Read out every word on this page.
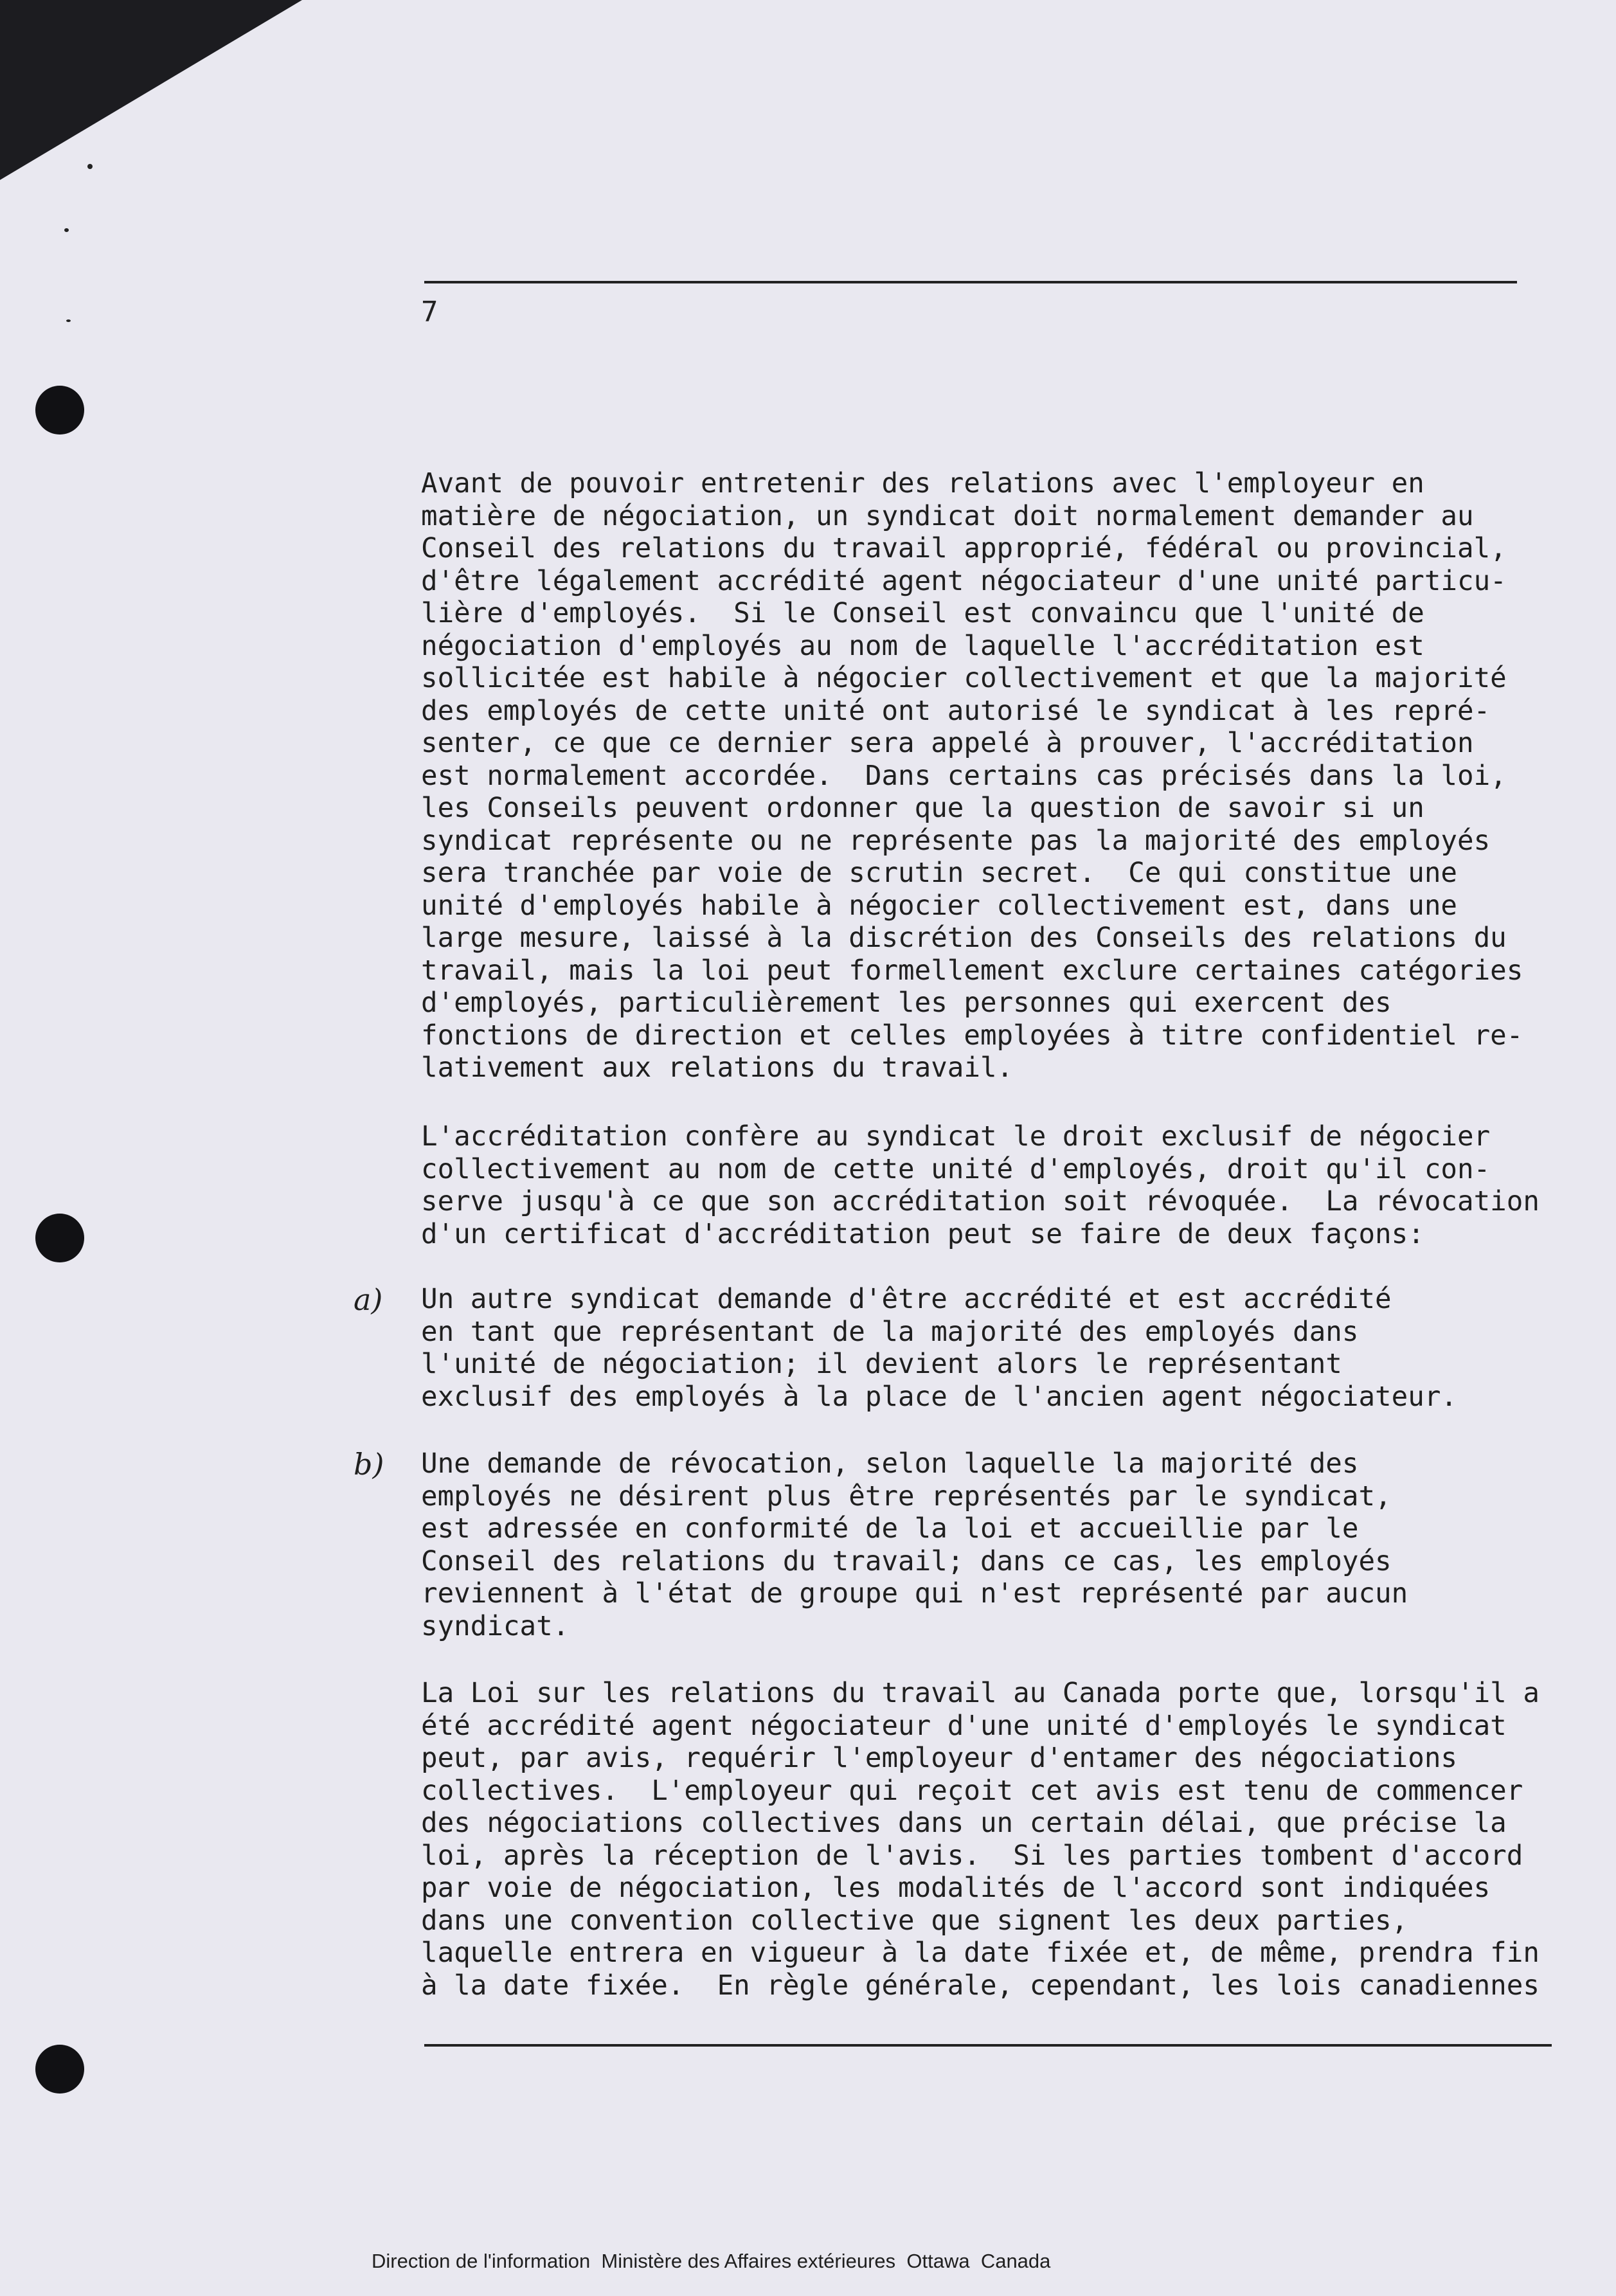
7

Avant de pouvoir entretenir des relations avec l'employeur en
matière de négociation, un syndicat doit normalement demander au
Conseil des relations du travail approprié, fédéral ou provincial,
d'être légalement accrédité agent négociateur d'une unité particu-
lière d'employés.  Si le Conseil est convaincu que l'unité de
négociation d'employés au nom de laquelle l'accréditation est
sollicitée est habile à négocier collectivement et que la majorité
des employés de cette unité ont autorisé le syndicat à les repré-
senter, ce que ce dernier sera appelé à prouver, l'accréditation
est normalement accordée.  Dans certains cas précisés dans la loi,
les Conseils peuvent ordonner que la question de savoir si un
syndicat représente ou ne représente pas la majorité des employés
sera tranchée par voie de scrutin secret.  Ce qui constitue une
unité d'employés habile à négocier collectivement est, dans une
large mesure, laissé à la discrétion des Conseils des relations du
travail, mais la loi peut formellement exclure certaines catégories
d'employés, particulièrement les personnes qui exercent des
fonctions de direction et celles employées à titre confidentiel re-
lativement aux relations du travail.

L'accréditation confère au syndicat le droit exclusif de négocier
collectivement au nom de cette unité d'employés, droit qu'il con-
serve jusqu'à ce que son accréditation soit révoquée.  La révocation
d'un certificat d'accréditation peut se faire de deux façons:

a) Un autre syndicat demande d'être accrédité et est accrédité
en tant que représentant de la majorité des employés dans
l'unité de négociation; il devient alors le représentant
exclusif des employés à la place de l'ancien agent négociateur.

b) Une demande de révocation, selon laquelle la majorité des
employés ne désirent plus être représentés par le syndicat,
est adressée en conformité de la loi et accueillie par le
Conseil des relations du travail; dans ce cas, les employés
reviennent à l'état de groupe qui n'est représenté par aucun
syndicat.

La Loi sur les relations du travail au Canada porte que, lorsqu'il a
été accrédité agent négociateur d'une unité d'employés le syndicat
peut, par avis, requérir l'employeur d'entamer des négociations
collectives.  L'employeur qui reçoit cet avis est tenu de commencer
des négociations collectives dans un certain délai, que précise la
loi, après la réception de l'avis.  Si les parties tombent d'accord
par voie de négociation, les modalités de l'accord sont indiquées
dans une convention collective que signent les deux parties,
laquelle entrera en vigueur à la date fixée et, de même, prendra fin
à la date fixée.  En règle générale, cependant, les lois canadiennes

Direction de l'information  Ministère des Affaires extérieures  Ottawa  Canada
